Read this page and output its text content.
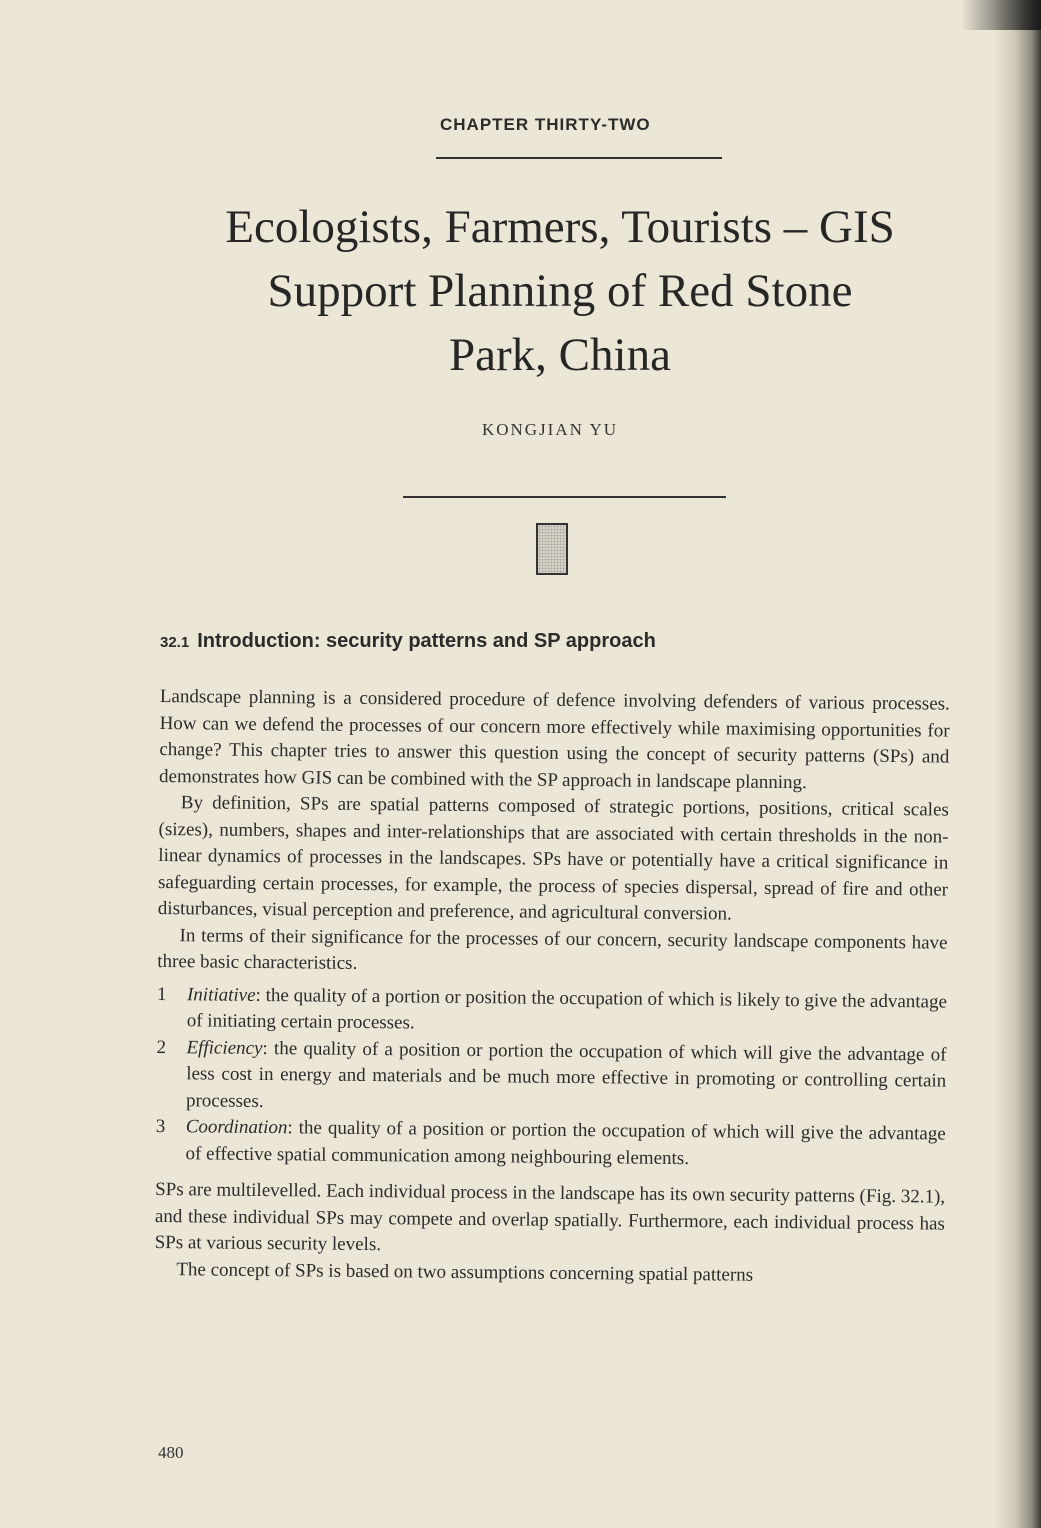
CHAPTER THIRTY-TWO
Ecologists, Farmers, Tourists – GIS
Support Planning of Red Stone
Park, China
KONGJIAN YU
32.1 Introduction: security patterns and SP approach

Landscape planning is a considered procedure of defence involving defenders of various processes. How can we defend the processes of our concern more effectively while maximising opportunities for change? This chapter tries to answer this question using the concept of security patterns (SPs) and demonstrates how GIS can be combined with the SP approach in landscape planning.

By definition, SPs are spatial patterns composed of strategic portions, positions, critical scales (sizes), numbers, shapes and inter-relationships that are associated with certain thresholds in the non-linear dynamics of processes in the landscapes. SPs have or potentially have a critical significance in safeguarding certain processes, for example, the process of species dispersal, spread of fire and other disturbances, visual perception and preference, and agricultural conversion.

In terms of their significance for the processes of our concern, security landscape components have three basic characteristics.

1 Initiative: the quality of a portion or position the occupation of which is likely to give the advantage of initiating certain processes.
2 Efficiency: the quality of a position or portion the occupation of which will give the advantage of less cost in energy and materials and be much more effective in promoting or controlling certain processes.
3 Coordination: the quality of a position or portion the occupation of which will give the advantage of effective spatial communication among neighbouring elements.

SPs are multilevelled. Each individual process in the landscape has its own security patterns (Fig. 32.1), and these individual SPs may compete and overlap spatially. Furthermore, each individual process has SPs at various security levels.

The concept of SPs is based on two assumptions concerning spatial patterns

480
